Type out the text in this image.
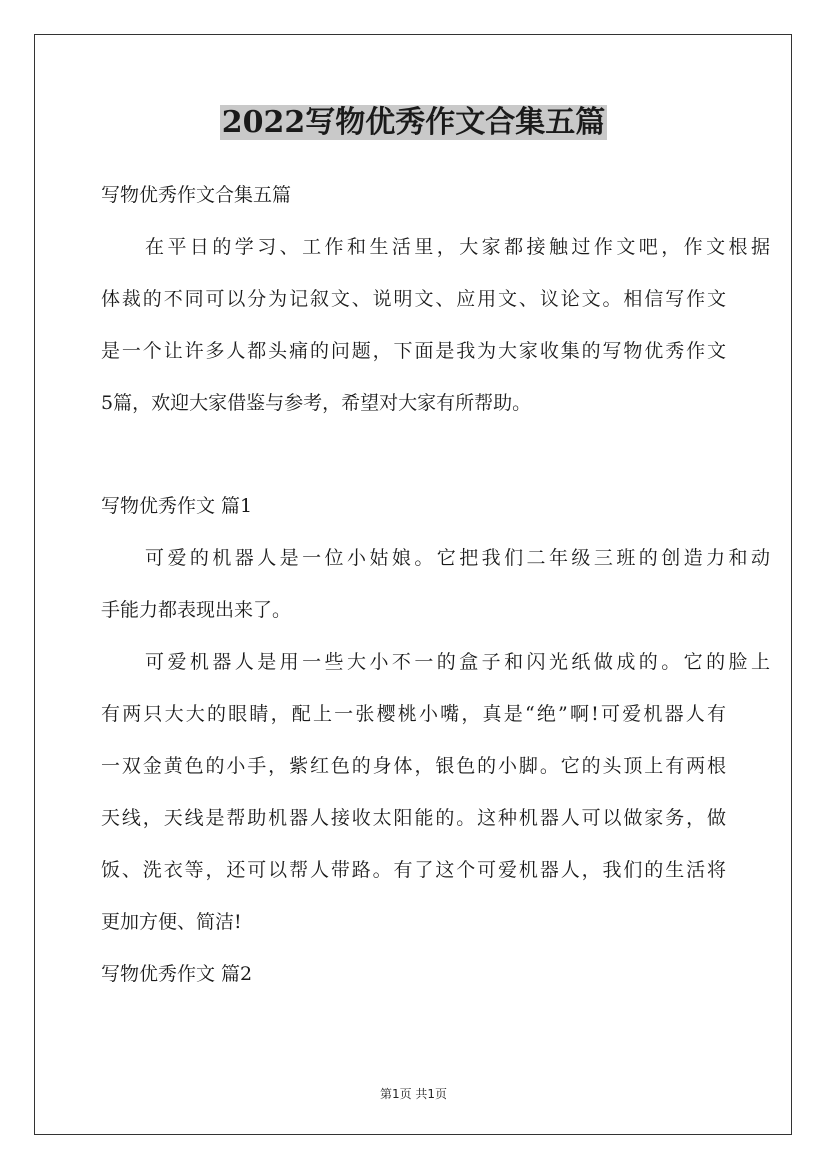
2022写物优秀作文合集五篇

写物优秀作文合集五篇

在平日的学习、工作和生活里，大家都接触过作文吧，作文根据

体裁的不同可以分为记叙文、说明文、应用文、议论文。相信写作文

是一个让许多人都头痛的问题，下面是我为大家收集的写物优秀作文

5篇，欢迎大家借鉴与参考，希望对大家有所帮助。

写物优秀作文 篇1

可爱的机器人是一位小姑娘。它把我们二年级三班的创造力和动

手能力都表现出来了。

可爱机器人是用一些大小不一的盒子和闪光纸做成的。它的脸上

有两只大大的眼睛，配上一张樱桃小嘴，真是“绝”啊!可爱机器人有

一双金黄色的小手，紫红色的身体，银色的小脚。它的头顶上有两根

天线，天线是帮助机器人接收太阳能的。这种机器人可以做家务，做

饭、洗衣等，还可以帮人带路。有了这个可爱机器人，我们的生活将

更加方便、简洁!

写物优秀作文 篇2

第1页 共1页
